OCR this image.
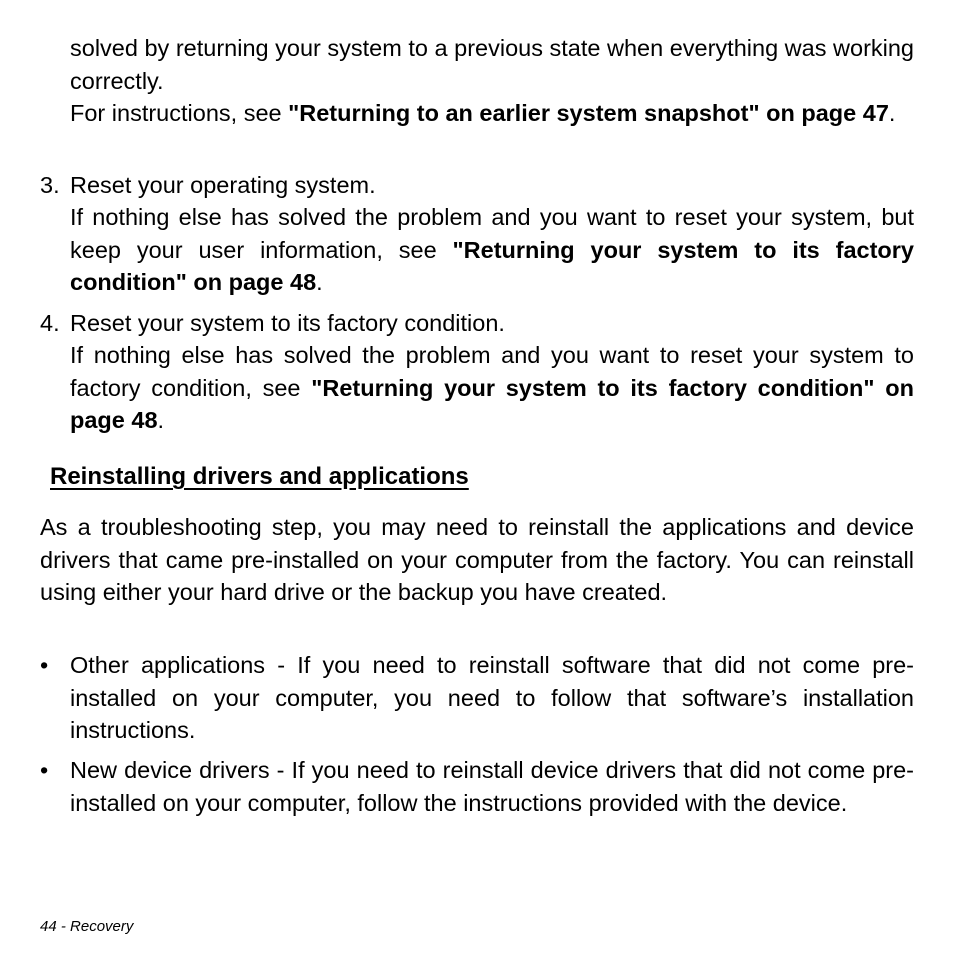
solved by returning your system to a previous state when everything was working correctly.

For instructions, see "Returning to an earlier system snapshot" on page 47.

3. Reset your operating system.

If nothing else has solved the problem and you want to reset your system, but keep your user information, see "Returning your system to its factory condition" on page 48.

4. Reset your system to its factory condition.

If nothing else has solved the problem and you want to reset your system to factory condition, see "Returning your system to its factory condition" on page 48.

Reinstalling drivers and applications

As a troubleshooting step, you may need to reinstall the applications and device drivers that came pre-installed on your computer from the factory. You can reinstall using either your hard drive or the backup you have created.

• Other applications - If you need to reinstall software that did not come pre-installed on your computer, you need to follow that software’s installation instructions.

• New device drivers - If you need to reinstall device drivers that did not come pre-installed on your computer, follow the instructions provided with the device.

44 - Recovery
